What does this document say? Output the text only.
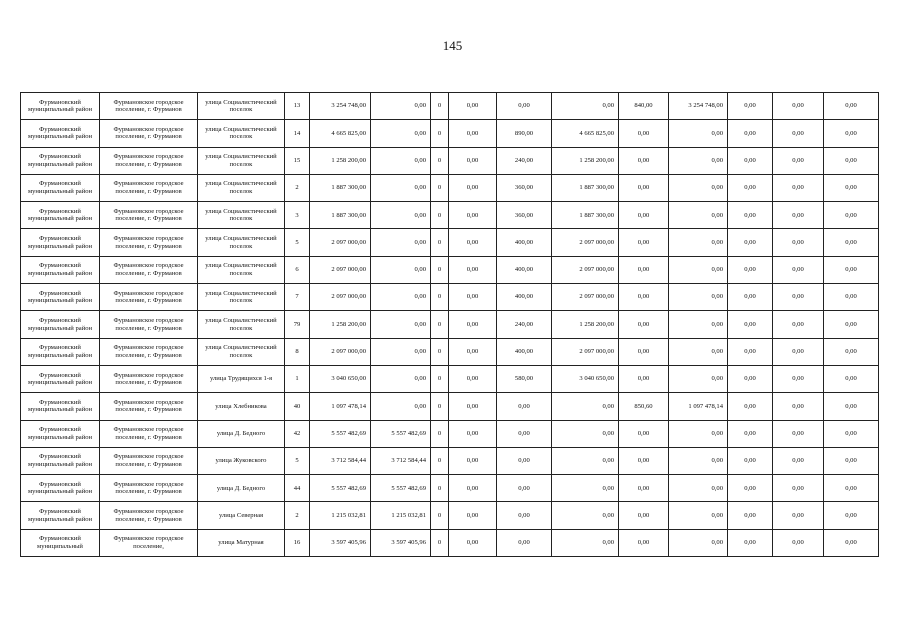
145
Фурмановский муниципальный район	Фурмановское городское поселение, г. Фурманов	улица Социалистический поселок	13	3 254 748,00	0,00	0	0,00	0,00	0,00	840,00	3 254 748,00	0,00	0,00	0,00
Фурмановский муниципальный район	Фурмановское городское поселение, г. Фурманов	улица Социалистический поселок	14	4 665 825,00	0,00	0	0,00	890,00	4 665 825,00	0,00	0,00	0,00	0,00	0,00
Фурмановский муниципальный район	Фурмановское городское поселение, г. Фурманов	улица Социалистический поселок	15	1 258 200,00	0,00	0	0,00	240,00	1 258 200,00	0,00	0,00	0,00	0,00	0,00
Фурмановский муниципальный район	Фурмановское городское поселение, г. Фурманов	улица Социалистический поселок	2	1 887 300,00	0,00	0	0,00	360,00	1 887 300,00	0,00	0,00	0,00	0,00	0,00
Фурмановский муниципальный район	Фурмановское городское поселение, г. Фурманов	улица Социалистический поселок	3	1 887 300,00	0,00	0	0,00	360,00	1 887 300,00	0,00	0,00	0,00	0,00	0,00
Фурмановский муниципальный район	Фурмановское городское поселение, г. Фурманов	улица Социалистический поселок	5	2 097 000,00	0,00	0	0,00	400,00	2 097 000,00	0,00	0,00	0,00	0,00	0,00
Фурмановский муниципальный район	Фурмановское городское поселение, г. Фурманов	улица Социалистический поселок	6	2 097 000,00	0,00	0	0,00	400,00	2 097 000,00	0,00	0,00	0,00	0,00	0,00
Фурмановский муниципальный район	Фурмановское городское поселение, г. Фурманов	улица Социалистический поселок	7	2 097 000,00	0,00	0	0,00	400,00	2 097 000,00	0,00	0,00	0,00	0,00	0,00
Фурмановский муниципальный район	Фурмановское городское поселение, г. Фурманов	улица Социалистический поселок	79	1 258 200,00	0,00	0	0,00	240,00	1 258 200,00	0,00	0,00	0,00	0,00	0,00
Фурмановский муниципальный район	Фурмановское городское поселение, г. Фурманов	улица Социалистический поселок	8	2 097 000,00	0,00	0	0,00	400,00	2 097 000,00	0,00	0,00	0,00	0,00	0,00
Фурмановский муниципальный район	Фурмановское городское поселение, г. Фурманов	улица Трудящихся 1-я	1	3 040 650,00	0,00	0	0,00	580,00	3 040 650,00	0,00	0,00	0,00	0,00	0,00
Фурмановский муниципальный район	Фурмановское городское поселение, г. Фурманов	улица Хлебникова	40	1 097 478,14	0,00	0	0,00	0,00	0,00	850,60	1 097 478,14	0,00	0,00	0,00
Фурмановский муниципальный район	Фурмановское городское поселение, г. Фурманов	улица Д. Бедного	42	5 557 482,69	5 557 482,69	0	0,00	0,00	0,00	0,00	0,00	0,00	0,00	0,00
Фурмановский муниципальный район	Фурмановское городское поселение, г. Фурманов	улица Жуковского	5	3 712 584,44	3 712 584,44	0	0,00	0,00	0,00	0,00	0,00	0,00	0,00	0,00
Фурмановский муниципальный район	Фурмановское городское поселение, г. Фурманов	улица Д. Бедного	44	5 557 482,69	5 557 482,69	0	0,00	0,00	0,00	0,00	0,00	0,00	0,00	0,00
Фурмановский муниципальный район	Фурмановское городское поселение, г. Фурманов	улица Северная	2	1 215 032,81	1 215 032,81	0	0,00	0,00	0,00	0,00	0,00	0,00	0,00	0,00
Фурмановский муниципальный	Фурмановское городское поселение,	улица Матурная	16	3 597 405,96	3 597 405,96	0	0,00	0,00	0,00	0,00	0,00	0,00	0,00	0,00
